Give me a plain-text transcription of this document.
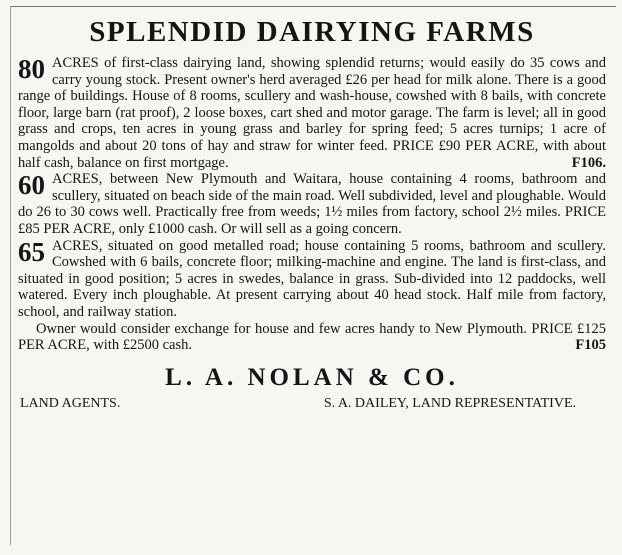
SPLENDID DAIRYING FARMS

80 ACRES of first-class dairying land, showing splendid returns; would easily do 35 cows and carry young stock. Present owner's herd averaged £26 per head for milk alone. There is a good range of buildings. House of 8 rooms, scullery and wash-house, cowshed with 8 bails, with concrete floor, large barn (rat proof), 2 loose boxes, cart shed and motor garage. The farm is level; all in good grass and crops, ten acres in young grass and barley for spring feed; 5 acres turnips; 1 acre of mangolds and about 20 tons of hay and straw for winter feed. PRICE £90 PER ACRE, with about half cash, balance on first mortgage.	F106.

60 ACRES, between New Plymouth and Waitara, house containing 4 rooms, bathroom and scullery, situated on beach side of the main road. Well subdivided, level and ploughable. Would do 26 to 30 cows well. Practically free from weeds; 1½ miles from factory, school 2½ miles. PRICE £85 PER ACRE, only £1000 cash. Or will sell as a going concern.

65 ACRES, situated on good metalled road; house containing 5 rooms, bathroom and scullery. Cowshed with 6 bails, concrete floor; milking-machine and engine. The land is first-class, and situated in good position; 5 acres in swedes, balance in grass. Sub-divided into 12 paddocks, well watered. Every inch ploughable. At present carrying about 40 head stock. Half mile from factory, school, and railway station.

Owner would consider exchange for house and few acres handy to New Plymouth. PRICE £125 PER ACRE, with £2500 cash.	F105

L. A. NOLAN & CO.
LAND AGENTS.	S. A. DAILEY, LAND REPRESENTATIVE.
